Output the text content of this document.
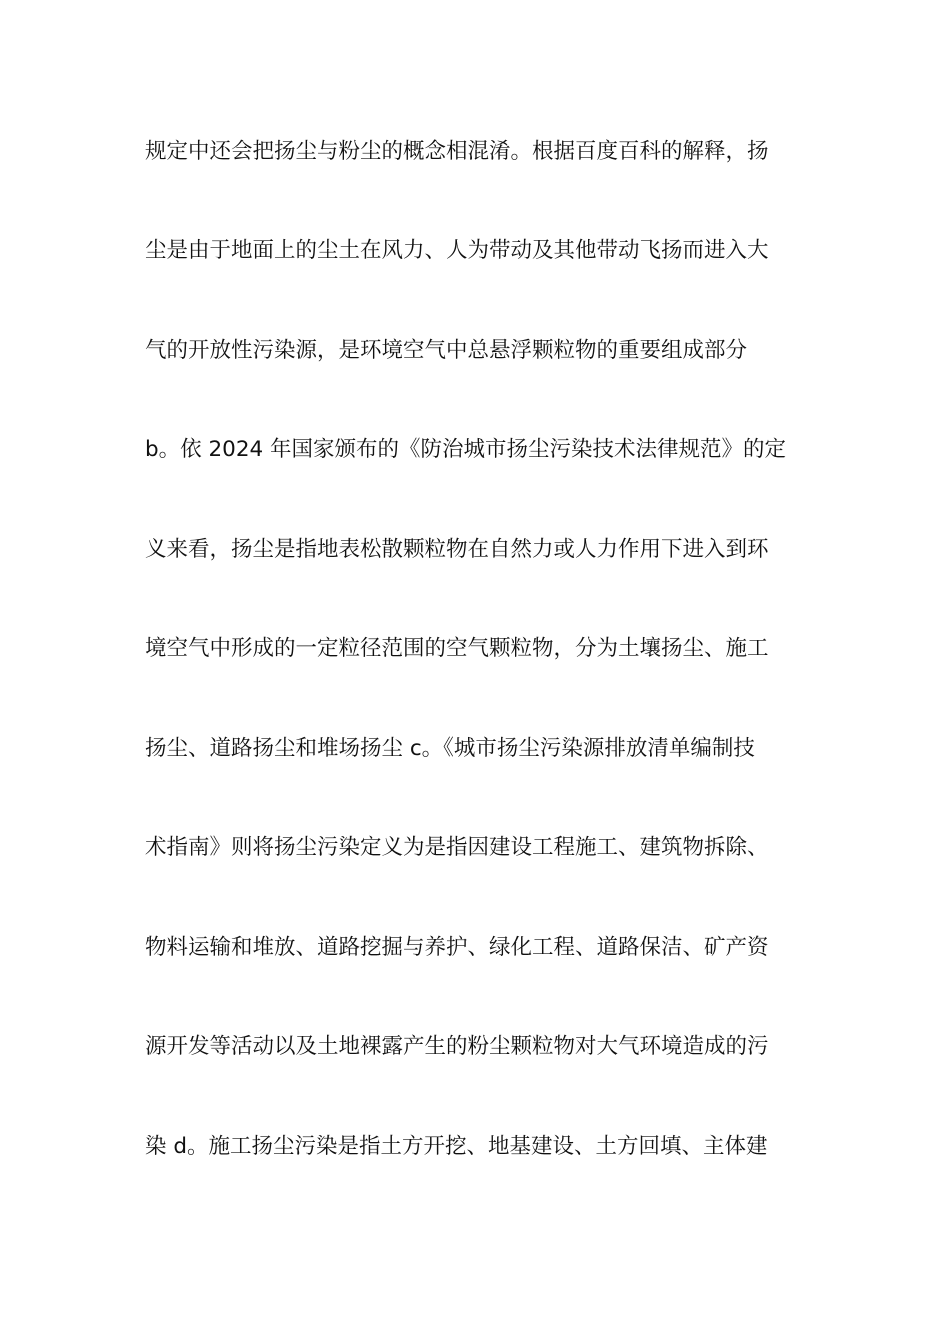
规定中还会把扬尘与粉尘的概念相混淆。根据百度百科的解释，扬
尘是由于地面上的尘土在风力、人为带动及其他带动飞扬而进入大
气的开放性污染源，是环境空气中总悬浮颗粒物的重要组成部分
b。依 2024 年国家颁布的《防治城市扬尘污染技术法律规范》的定
义来看，扬尘是指地表松散颗粒物在自然力或人力作用下进入到环
境空气中形成的一定粒径范围的空气颗粒物，分为土壤扬尘、施工
扬尘、道路扬尘和堆场扬尘 c。《城市扬尘污染源排放清单编制技
术指南》则将扬尘污染定义为是指因建设工程施工、建筑物拆除、
物料运输和堆放、道路挖掘与养护、绿化工程、道路保洁、矿产资
源开发等活动以及土地裸露产生的粉尘颗粒物对大气环境造成的污
染 d。施工扬尘污染是指土方开挖、地基建设、土方回填、主体建
